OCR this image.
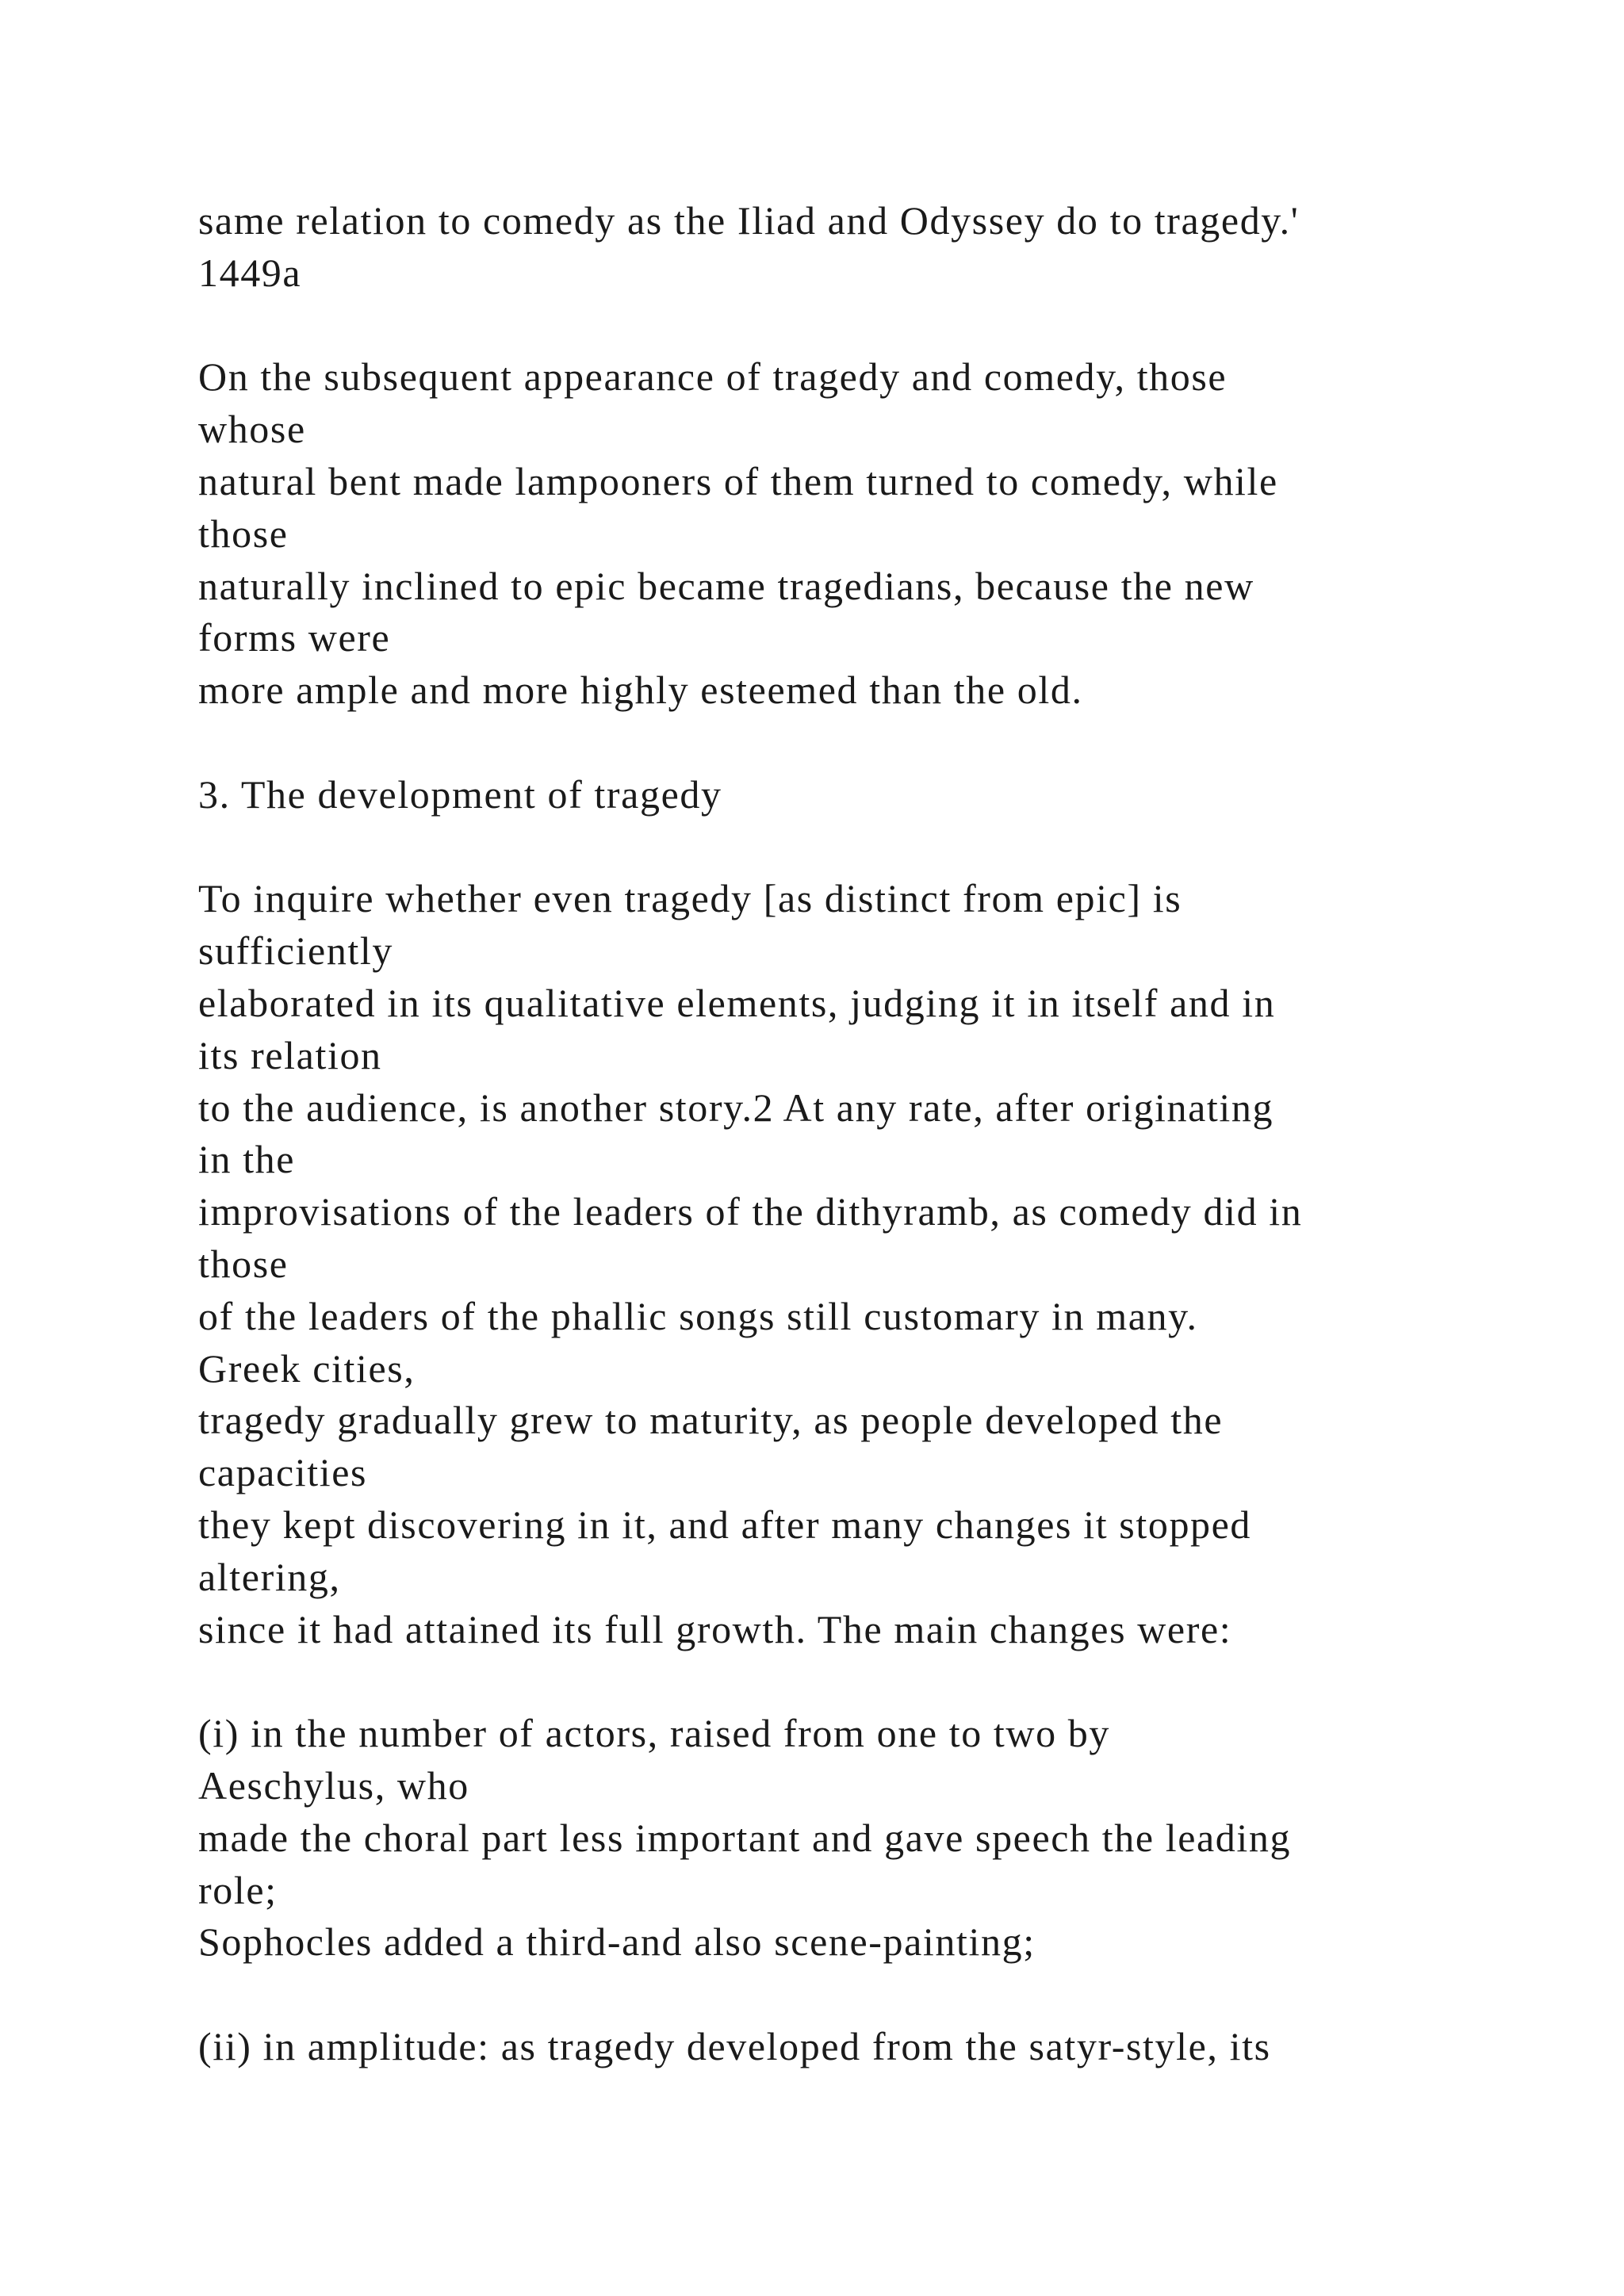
same relation to comedy as the Iliad and Odyssey do to tragedy.'
1449a
On the subsequent appearance of tragedy and comedy, those
whose
natural bent made lampooners of them turned to comedy, while
those
naturally inclined to epic became tragedians, because the new
forms were
more ample and more highly esteemed than the old.
3. The development of tragedy
To inquire whether even tragedy [as distinct from epic] is
sufficiently
elaborated in its qualitative elements, judging it in itself and in
its relation
to the audience, is another story.2 At any rate, after originating
in the
improvisations of the leaders of the dithyramb, as comedy did in
those
of the leaders of the phallic songs still customary in many.
Greek cities,
tragedy gradually grew to maturity, as people developed the
capacities
they kept discovering in it, and after many changes it stopped
altering,
since it had attained its full growth. The main changes were:
(i) in the number of actors, raised from one to two by
Aeschylus, who
made the choral part less important and gave speech the leading
role;
Sophocles added a third-and also scene-painting;
(ii) in amplitude: as tragedy developed from the satyr-style, its
